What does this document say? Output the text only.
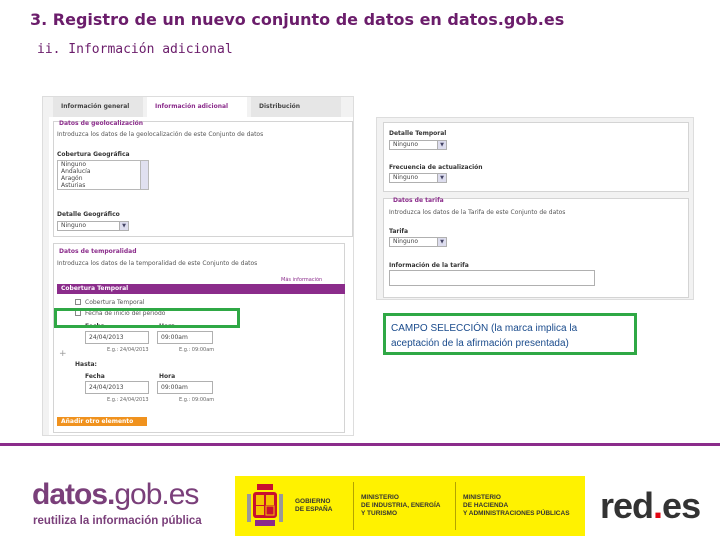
3. Registro de un nuevo conjunto de datos en datos.gob.es
ii. Información adicional
Información general	Información adicional	Distribución
Datos de geolocalización
Introduzca los datos de la geolocalización de este Conjunto de datos
Cobertura Geográfica
Ninguno
Andalucía
Aragón
Asturias
Detalle Geográfico
Ninguno	▼
Datos de temporalidad
Introduzca los datos de la temporalidad de este Conjunto de datos
Más información
Cobertura Temporal
Cobertura Temporal
Fecha de inicio del periodo
Fecha	Hora
24/04/2013	09:00am
E.g.: 24/04/2013	E.g.: 09:00am
+
Hasta:
Fecha	Hora
24/04/2013	09:00am
E.g.: 24/04/2013	E.g.: 09:00am
Añadir otro elemento
Detalle Temporal
Ninguno	▼
Frecuencia de actualización
Ninguno	▼
Datos de tarifa
Introduzca los datos de la Tarifa de este Conjunto de datos
Tarifa
Ninguno	▼
Información de la tarifa
CAMPO SELECCIÓN (la marca implica la aceptación de la afirmación presentada)
datos.gob.es
reutiliza la información pública
GOBIERNO
DE ESPAÑA
MINISTERIO
DE INDUSTRIA, ENERGÍA
Y TURISMO
MINISTERIO
DE HACIENDA
Y ADMINISTRACIONES PÚBLICAS red.es
